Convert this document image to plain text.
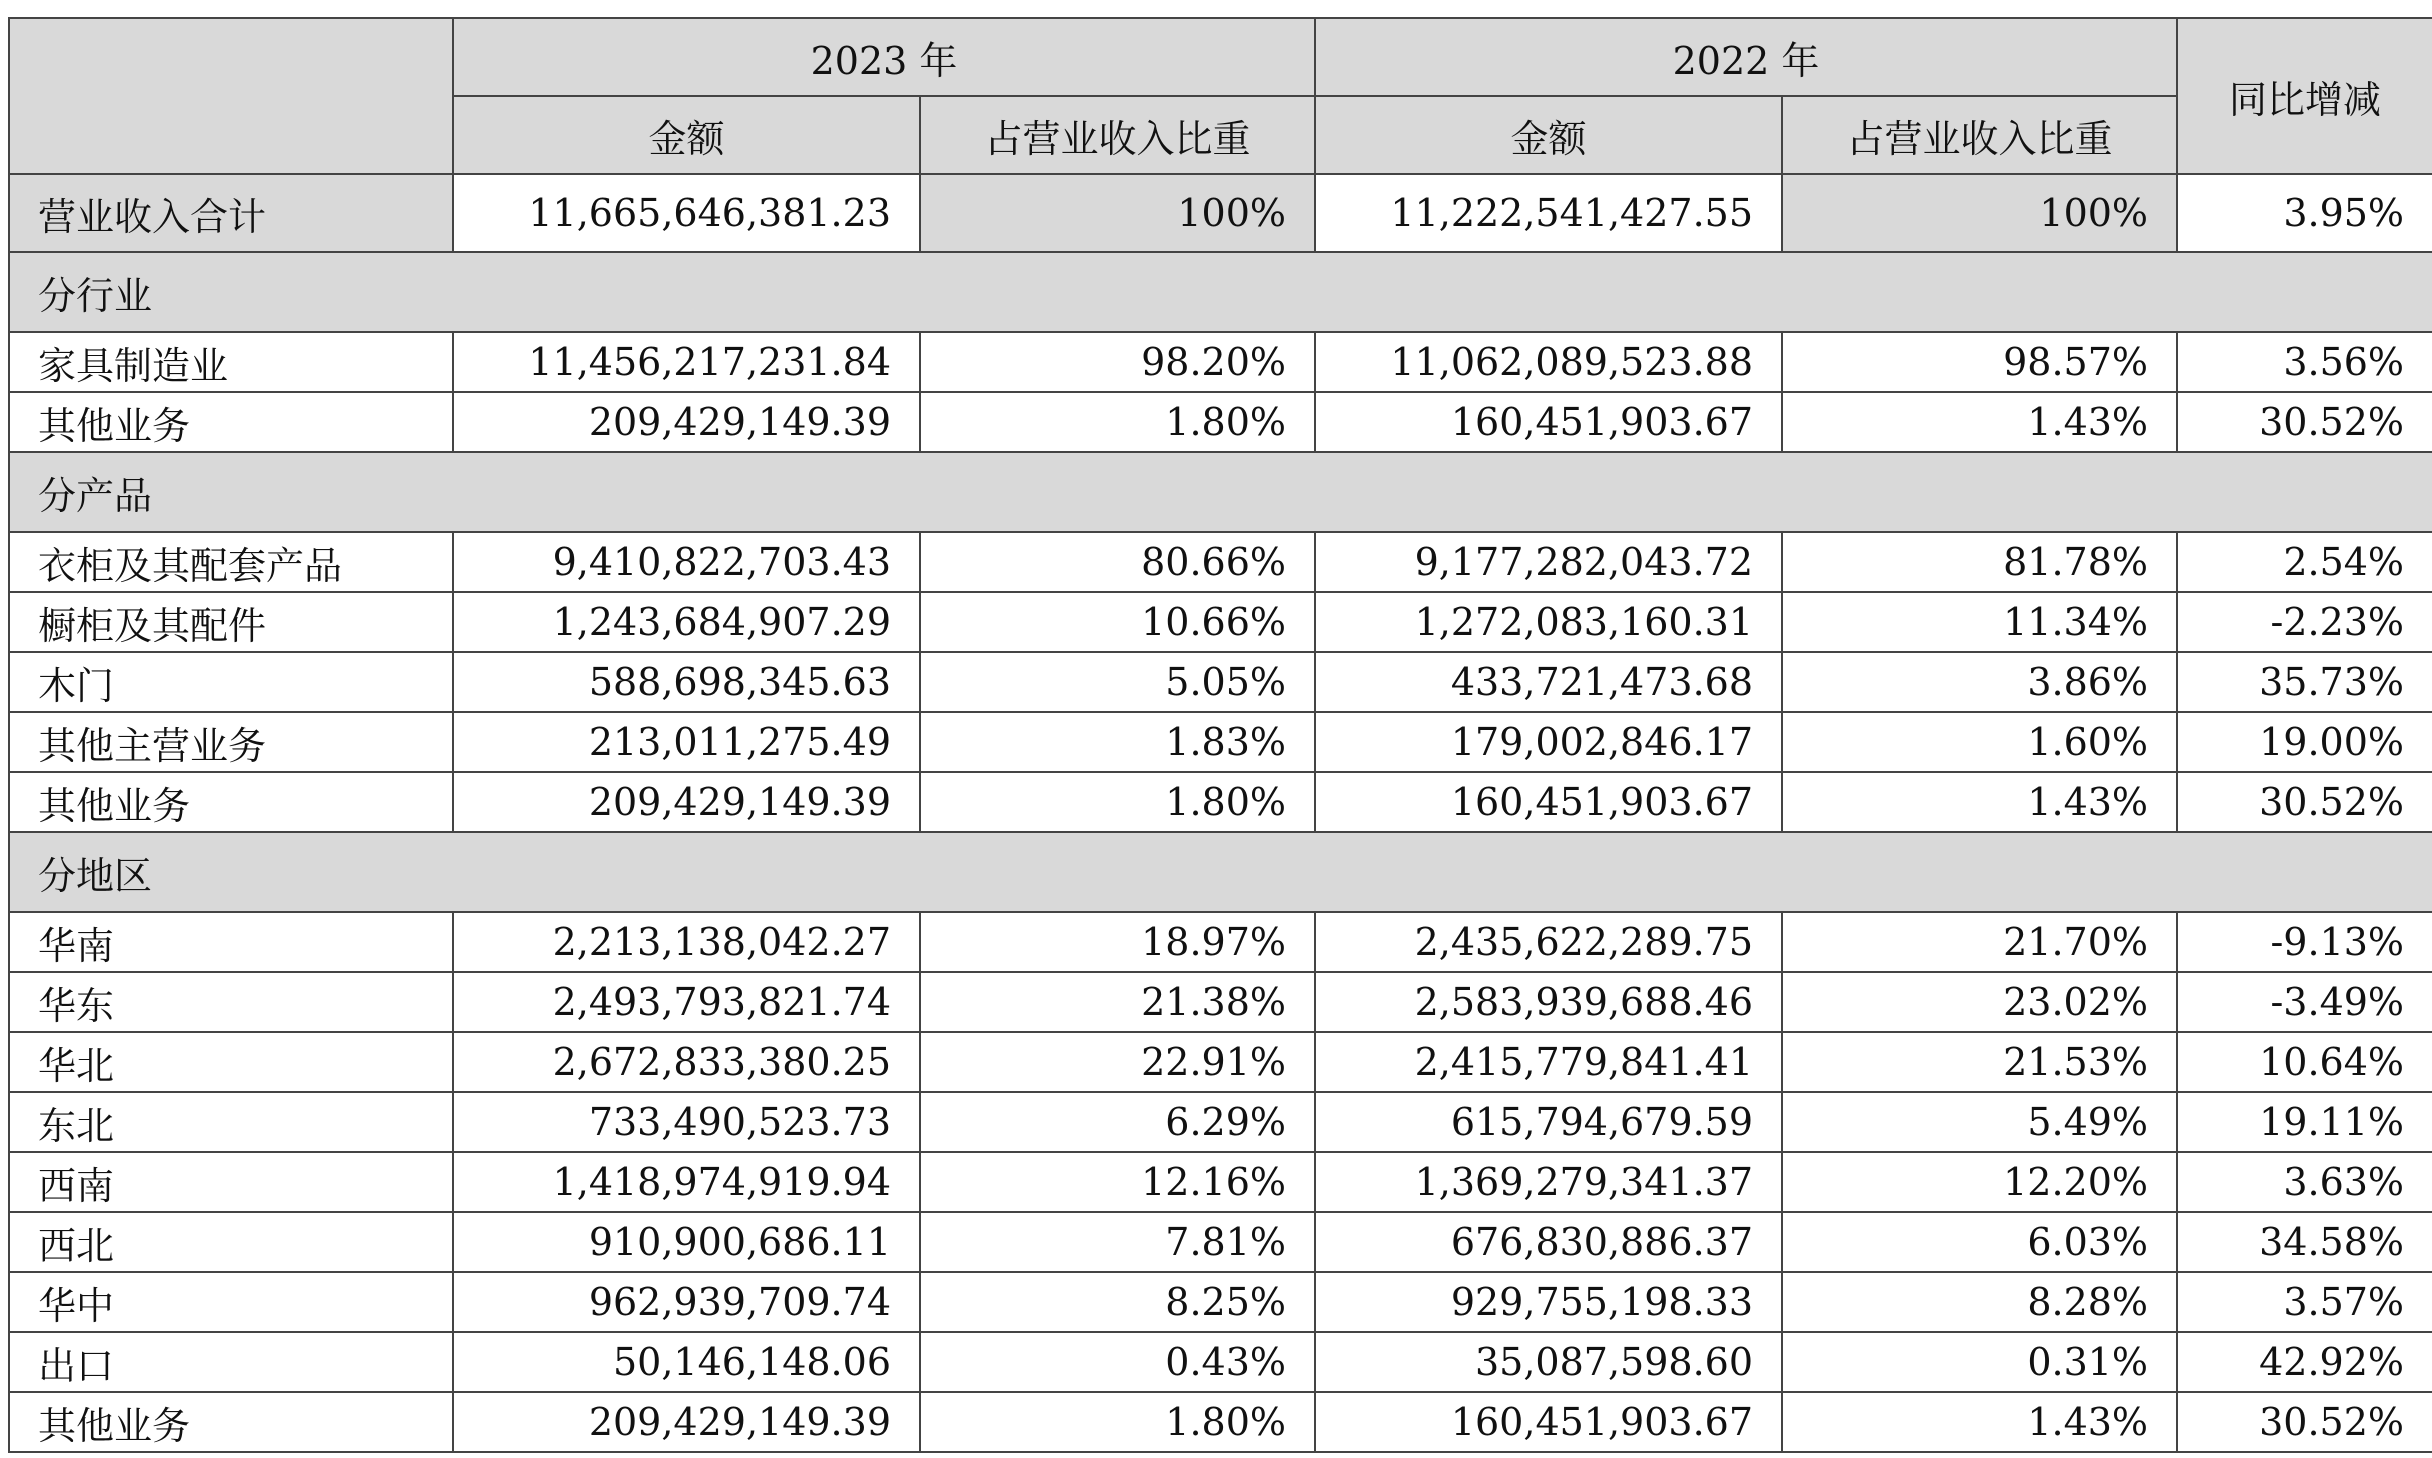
	2023 年		2022 年		同比增减
	金额	占营业收入比重	金额	占营业收入比重	
营业收入合计	11,665,646,381.23	100%	11,222,541,427.55	100%	3.95%
分行业					
家具制造业	11,456,217,231.84	98.20%	11,062,089,523.88	98.57%	3.56%
其他业务	209,429,149.39	1.80%	160,451,903.67	1.43%	30.52%
分产品					
衣柜及其配套产品	9,410,822,703.43	80.66%	9,177,282,043.72	81.78%	2.54%
橱柜及其配件	1,243,684,907.29	10.66%	1,272,083,160.31	11.34%	-2.23%
木门	588,698,345.63	5.05%	433,721,473.68	3.86%	35.73%
其他主营业务	213,011,275.49	1.83%	179,002,846.17	1.60%	19.00%
其他业务	209,429,149.39	1.80%	160,451,903.67	1.43%	30.52%
分地区					
华南	2,213,138,042.27	18.97%	2,435,622,289.75	21.70%	-9.13%
华东	2,493,793,821.74	21.38%	2,583,939,688.46	23.02%	-3.49%
华北	2,672,833,380.25	22.91%	2,415,779,841.41	21.53%	10.64%
东北	733,490,523.73	6.29%	615,794,679.59	5.49%	19.11%
西南	1,418,974,919.94	12.16%	1,369,279,341.37	12.20%	3.63%
西北	910,900,686.11	7.81%	676,830,886.37	6.03%	34.58%
华中	962,939,709.74	8.25%	929,755,198.33	8.28%	3.57%
出口	50,146,148.06	0.43%	35,087,598.60	0.31%	42.92%
其他业务	209,429,149.39	1.80%	160,451,903.67	1.43%	30.52%
